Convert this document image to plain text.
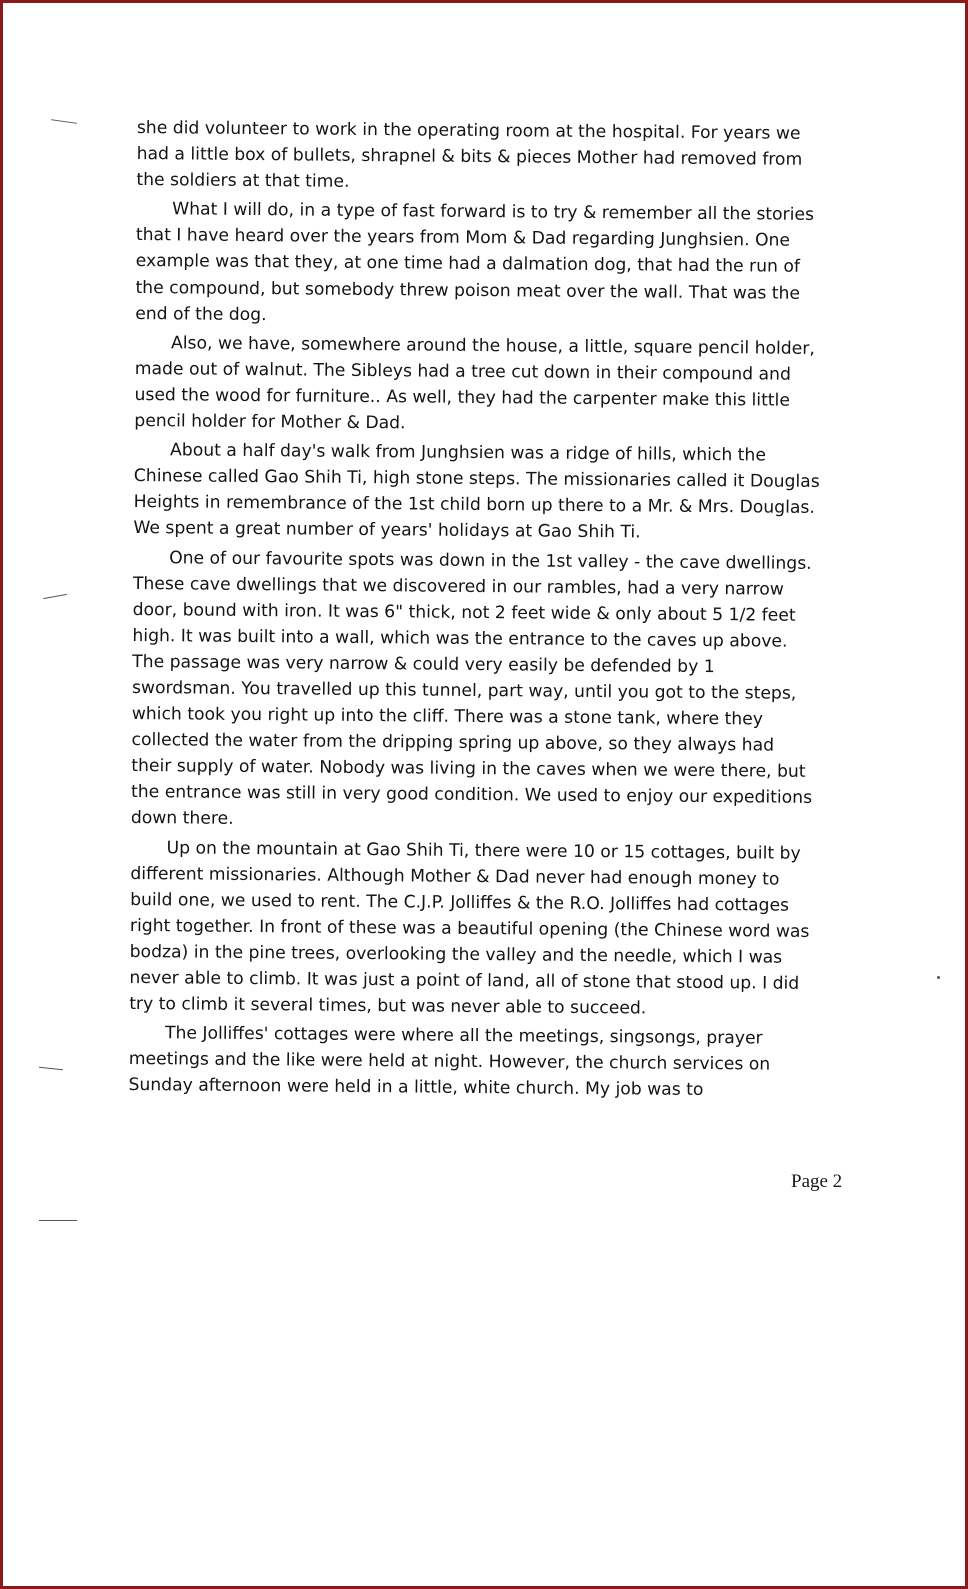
she did volunteer to work in the operating room at the hospital. For years we had a little box of bullets, shrapnel & bits & pieces Mother had removed from the soldiers at that time.

What I will do, in a type of fast forward is to try & remember all the stories that I have heard over the years from Mom & Dad regarding Junghsien. One example was that they, at one time had a dalmation dog, that had the run of the compound, but somebody threw poison meat over the wall. That was the end of the dog.

Also, we have, somewhere around the house, a little, square pencil holder, made out of walnut. The Sibleys had a tree cut down in their compound and used the wood for furniture.. As well, they had the carpenter make this little pencil holder for Mother & Dad.

About a half day's walk from Junghsien was a ridge of hills, which the Chinese called Gao Shih Ti, high stone steps. The missionaries called it Douglas Heights in remembrance of the 1st child born up there to a Mr. & Mrs. Douglas. We spent a great number of years' holidays at Gao Shih Ti.

One of our favourite spots was down in the 1st valley - the cave dwellings. These cave dwellings that we discovered in our rambles, had a very narrow door, bound with iron. It was 6" thick, not 2 feet wide & only about 5 1/2 feet high. It was built into a wall, which was the entrance to the caves up above. The passage was very narrow & could very easily be defended by 1 swordsman. You travelled up this tunnel, part way, until you got to the steps, which took you right up into the cliff. There was a stone tank, where they collected the water from the dripping spring up above, so they always had their supply of water. Nobody was living in the caves when we were there, but the entrance was still in very good condition. We used to enjoy our expeditions down there.

Up on the mountain at Gao Shih Ti, there were 10 or 15 cottages, built by different missionaries. Although Mother & Dad never had enough money to build one, we used to rent. The C.J.P. Jolliffes & the R.O. Jolliffes had cottages right together. In front of these was a beautiful opening (the Chinese word was bodza) in the pine trees, overlooking the valley and the needle, which I was never able to climb. It was just a point of land, all of stone that stood up. I did try to climb it several times, but was never able to succeed.

The Jolliffes' cottages were where all the meetings, singsongs, prayer meetings and the like were held at night. However, the church services on Sunday afternoon were held in a little, white church. My job was to

Page 2
